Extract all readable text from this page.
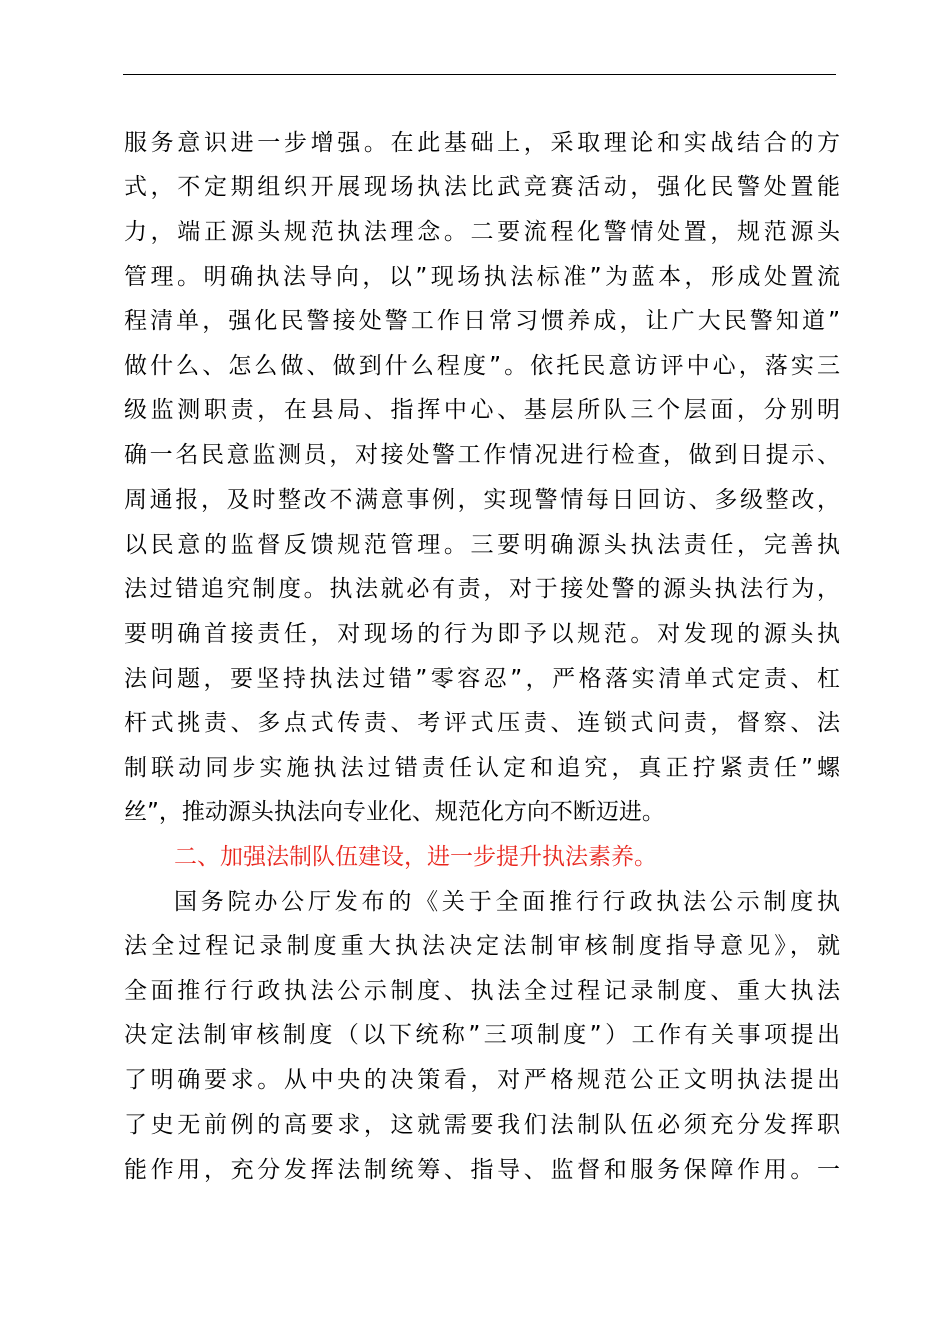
服务意识进一步增强。在此基础上，采取理论和实战结合的方
式，不定期组织开展现场执法比武竞赛活动，强化民警处置能
力，端正源头规范执法理念。二要流程化警情处置，规范源头
管理。明确执法导向，以”现场执法标准”为蓝本，形成处置流
程清单，强化民警接处警工作日常习惯养成，让广大民警知道”
做什么、怎么做、做到什么程度”。依托民意访评中心，落实三
级监测职责，在县局、指挥中心、基层所队三个层面，分别明
确一名民意监测员，对接处警工作情况进行检查，做到日提示、
周通报，及时整改不满意事例，实现警情每日回访、多级整改，
以民意的监督反馈规范管理。三要明确源头执法责任，完善执
法过错追究制度。执法就必有责，对于接处警的源头执法行为，
要明确首接责任，对现场的行为即予以规范。对发现的源头执
法问题，要坚持执法过错”零容忍”，严格落实清单式定责、杠
杆式挑责、多点式传责、考评式压责、连锁式问责，督察、法
制联动同步实施执法过错责任认定和追究，真正拧紧责任”螺
丝”，推动源头执法向专业化、规范化方向不断迈进。
二、加强法制队伍建设，进一步提升执法素养。
国务院办公厅发布的《关于全面推行行政执法公示制度执
法全过程记录制度重大执法决定法制审核制度指导意见》，就
全面推行行政执法公示制度、执法全过程记录制度、重大执法
决定法制审核制度（以下统称”三项制度”）工作有关事项提出
了明确要求。从中央的决策看，对严格规范公正文明执法提出
了史无前例的高要求，这就需要我们法制队伍必须充分发挥职
能作用，充分发挥法制统筹、指导、监督和服务保障作用。一
